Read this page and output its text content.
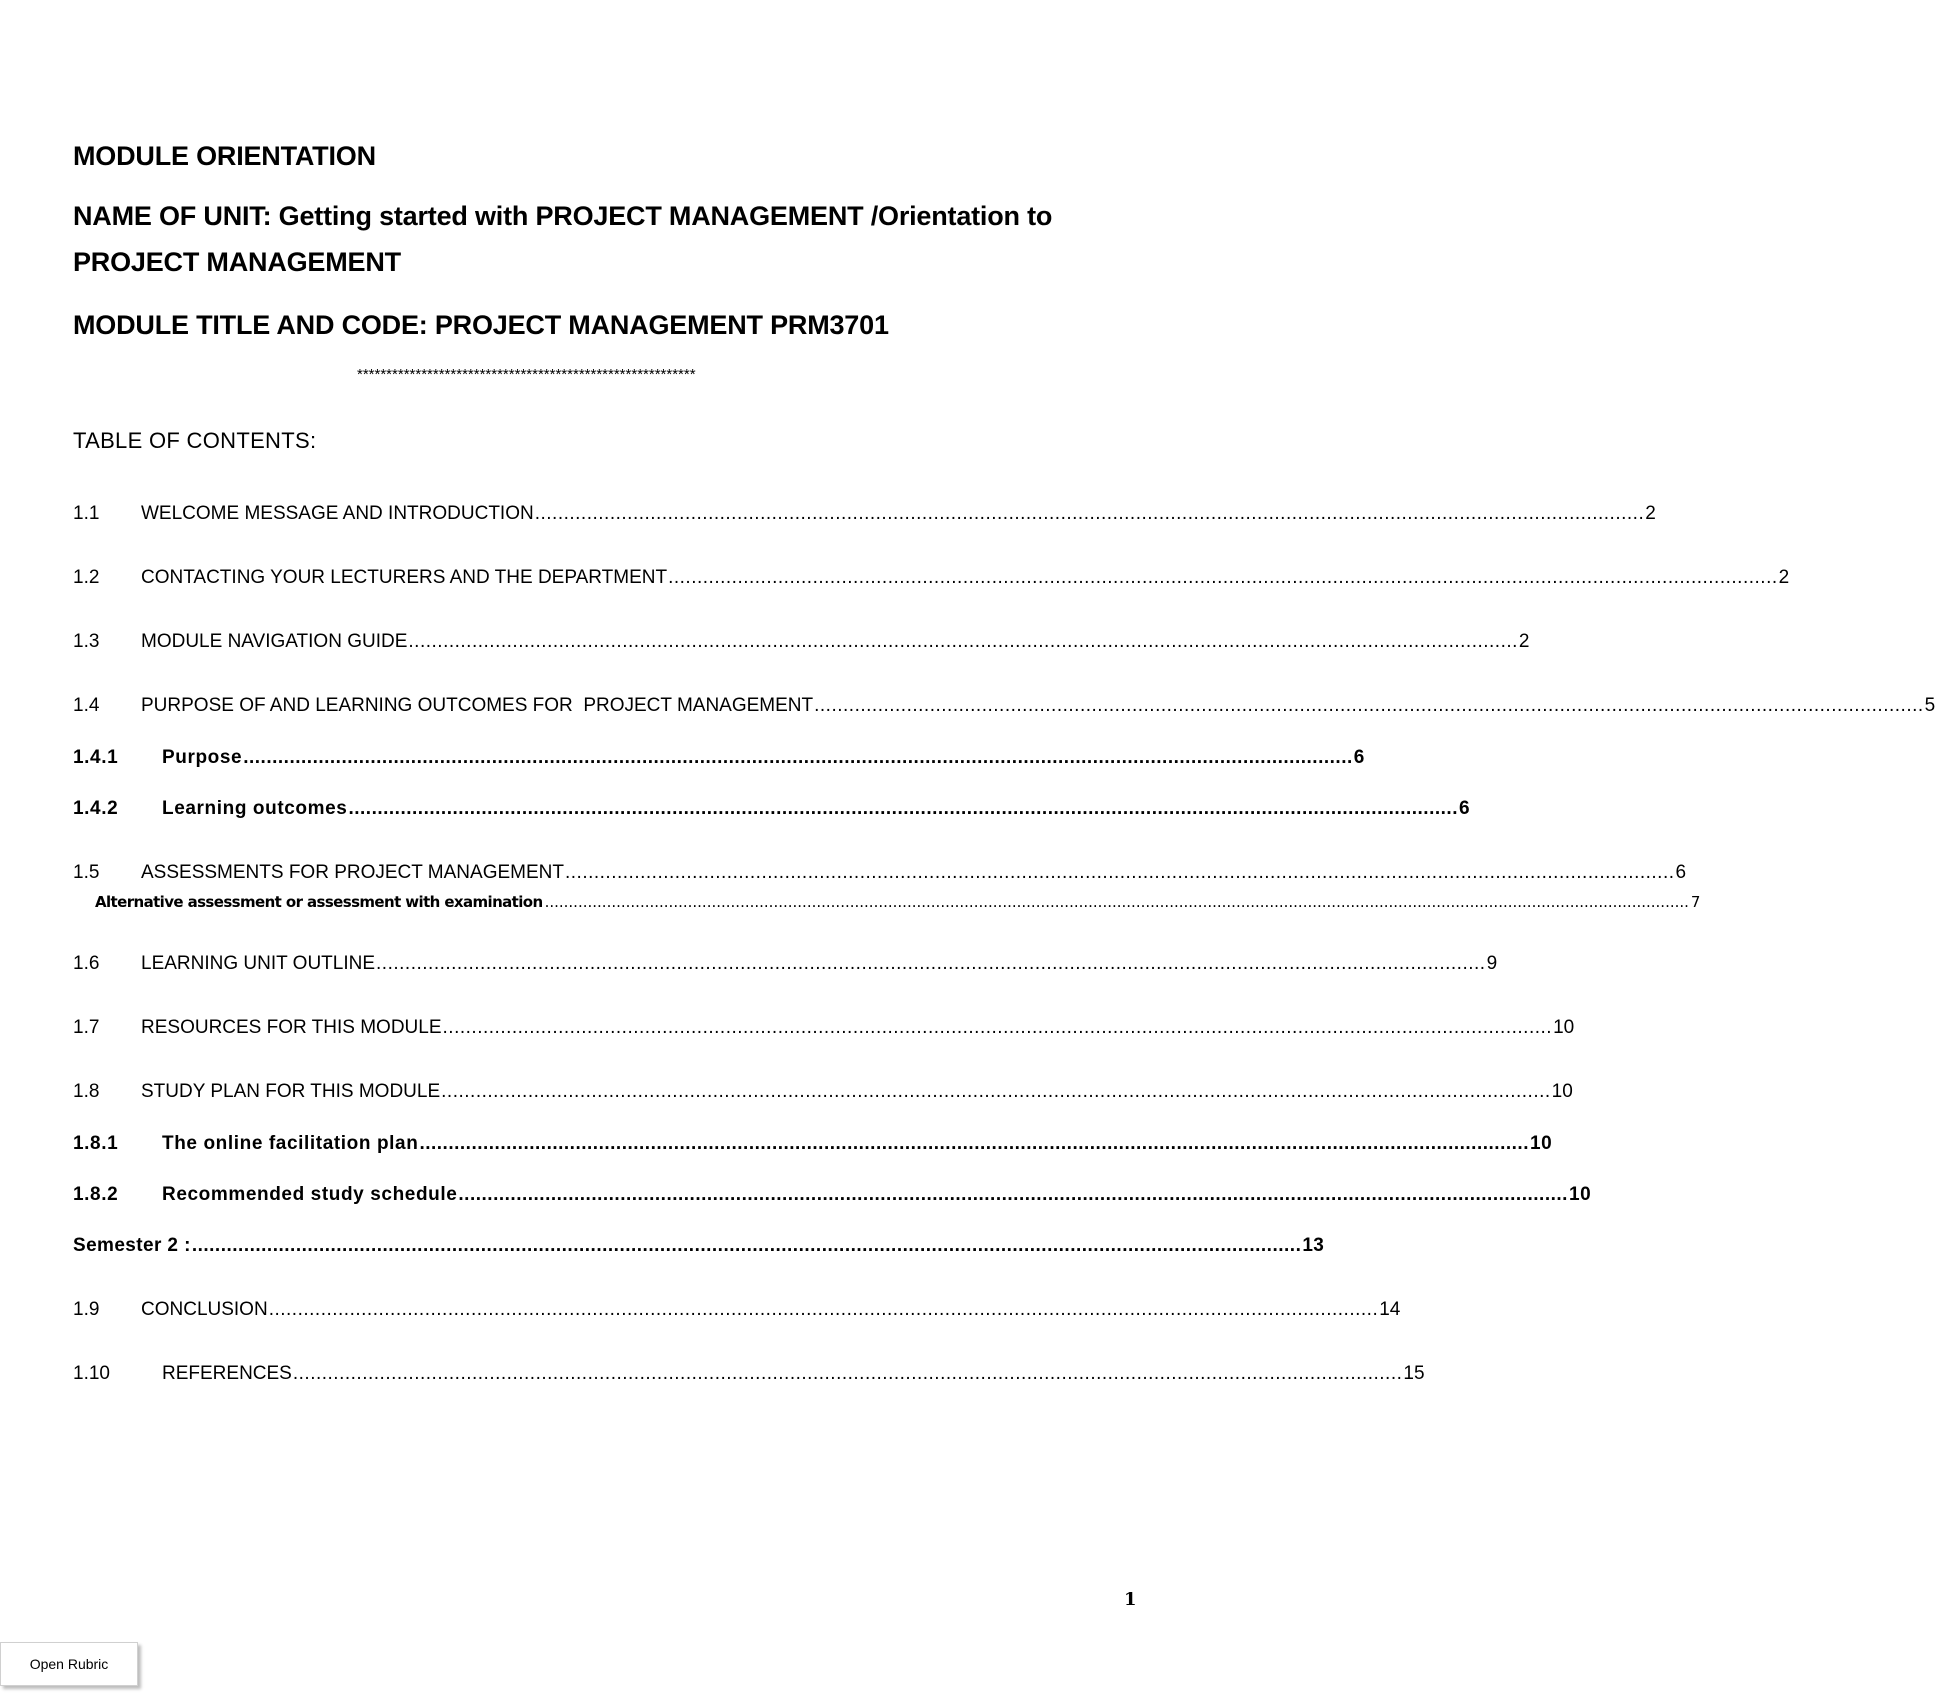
MODULE ORIENTATION
NAME OF UNIT: Getting started with PROJECT MANAGEMENT /Orientation to PROJECT MANAGEMENT
MODULE TITLE AND CODE: PROJECT MANAGEMENT PRM3701
**********************************************************
TABLE OF CONTENTS:
1.1	WELCOME MESSAGE AND INTRODUCTION ................................................................................................................................................................................................ 2
1.2	CONTACTING YOUR LECTURERS AND THE DEPARTMENT ................................................................................................................................................................................................ 2
1.3	MODULE NAVIGATION GUIDE ................................................................................................................................................................................................ 2
1.4	PURPOSE OF AND LEARNING OUTCOMES FOR  PROJECT MANAGEMENT ................................................................................................................................................................................................ 5
1.4.1	Purpose ................................................................................................................................................................................................ 6
1.4.2	Learning outcomes ................................................................................................................................................................................................ 6
1.5	ASSESSMENTS FOR PROJECT MANAGEMENT ................................................................................................................................................................................................ 6
Alternative assessment or assessment with examination ................................................................................................................................................................................................................................................ 7
1.6	LEARNING UNIT OUTLINE ................................................................................................................................................................................................ 9
1.7	RESOURCES FOR THIS MODULE ................................................................................................................................................................................................ 10
1.8	STUDY PLAN FOR THIS MODULE ................................................................................................................................................................................................ 10
1.8.1	The online facilitation plan ................................................................................................................................................................................................ 10
1.8.2	Recommended study schedule ................................................................................................................................................................................................ 10
Semester 2 : ................................................................................................................................................................................................ 13
1.9	CONCLUSION ................................................................................................................................................................................................ 14
1.10	REFERENCES ................................................................................................................................................................................................ 15
1
Open Rubric
